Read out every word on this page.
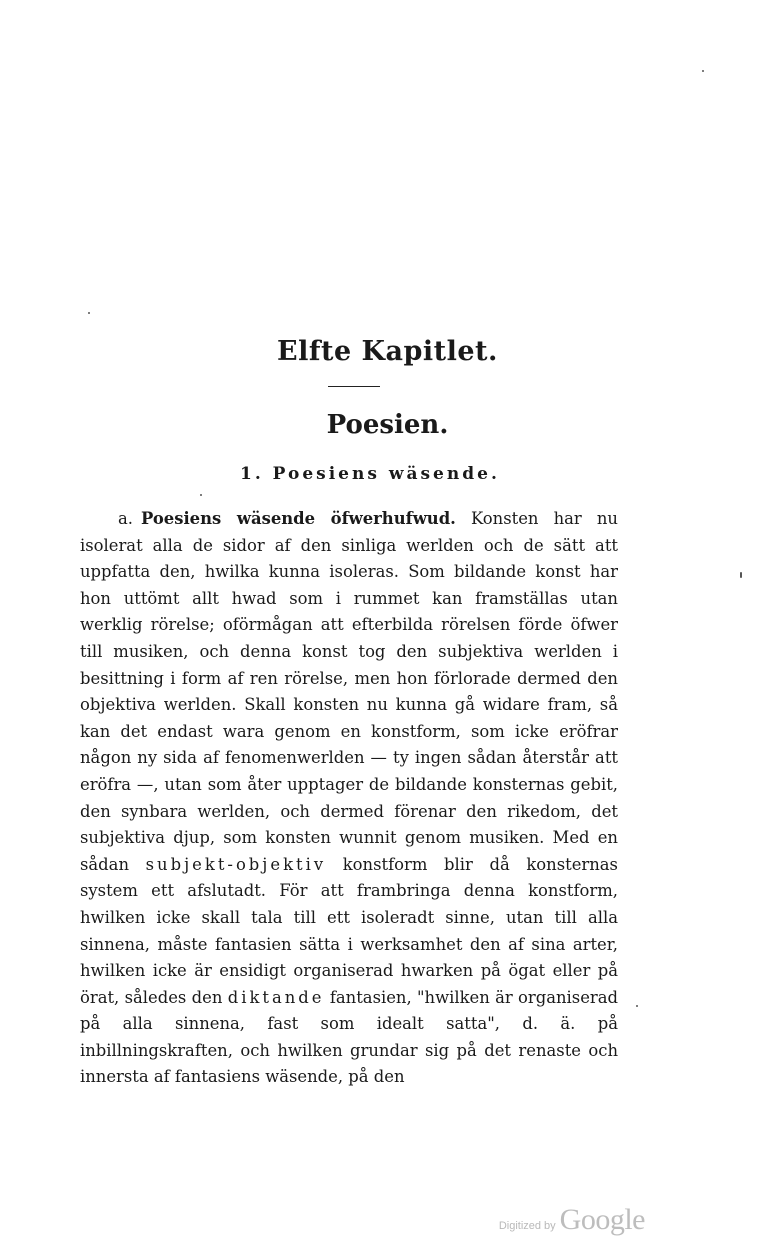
Elfte Kapitlet.
Poesien.
1. Poesiens wäsende.

a. Poesiens wäsende öfwerhufwud. Konsten har nu isolerat alla de sidor af den sinliga werlden och de sätt att uppfatta den, hwilka kunna isoleras. Som bildande konst har hon uttömt allt hwad som i rummet kan framställas utan werklig rörelse; oförmågan att efterbilda rörelsen förde öfwer till musiken, och denna konst tog den subjektiva werlden i besittning i form af ren rörelse, men hon förlorade dermed den objektiva werlden. Skall konsten nu kunna gå widare fram, så kan det endast wara genom en konstform, som icke eröfrar någon ny sida af fenomenwerlden — ty ingen sådan återstår att eröfra —, utan som åter upptager de bildande konsternas gebit, den synbara werlden, och dermed förenar den rikedom, det subjektiva djup, som konsten wunnit genom musiken. Med en sådan subjekt-objektiv konstform blir då konsternas system ett afslutadt. För att frambringa denna konstform, hwilken icke skall tala till ett isoleradt sinne, utan till alla sinnena, måste fantasien sätta i werksamhet den af sina arter, hwilken icke är ensidigt organiserad hwarken på ögat eller på örat, således den diktande fantasien, "hwilken är organiserad på alla sinnena, fast som idealt satta", d. ä. på inbillningskraften, och hwilken grundar sig på det renaste och innersta af fantasiens wäsende, på den

Digitized by Google
